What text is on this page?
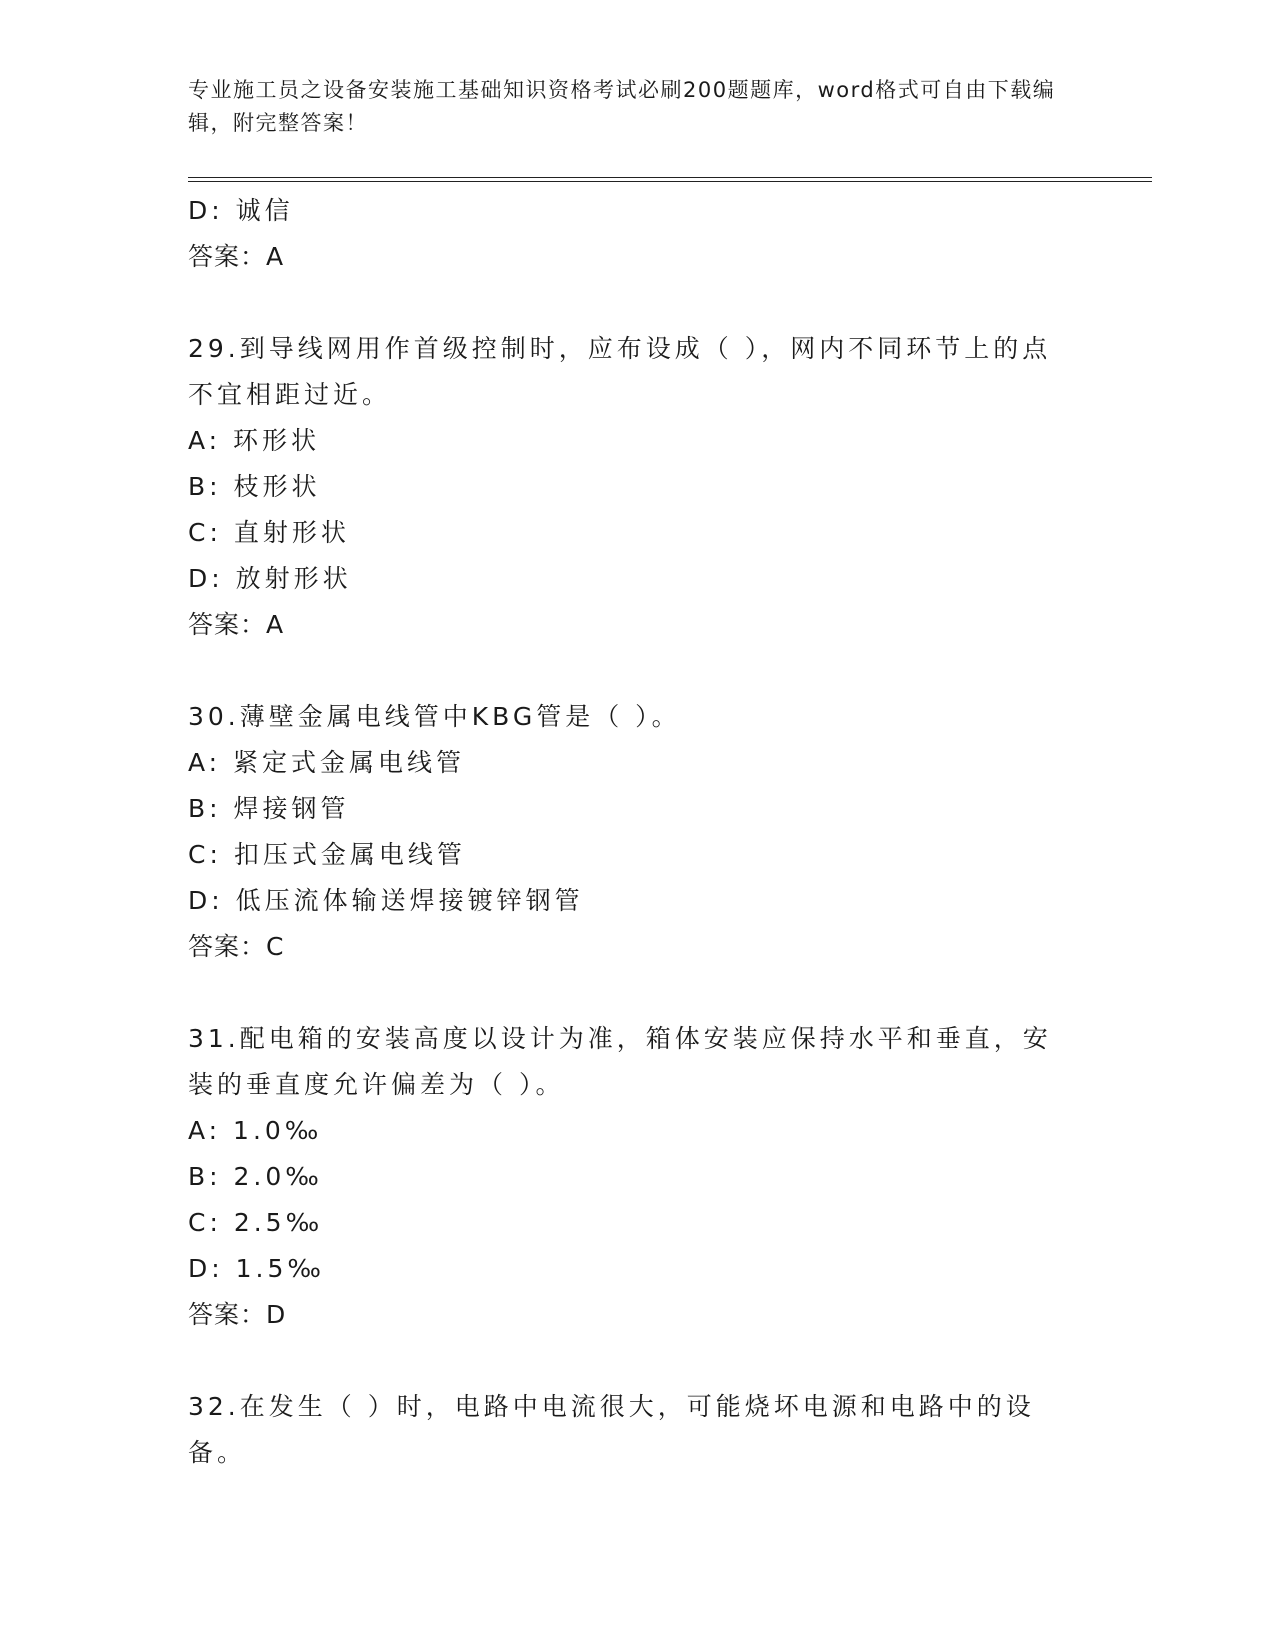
专业施工员之设备安装施工基础知识资格考试必刷200题题库，word格式可自由下载编辑，附完整答案！
D: 诚信
答案：A
29.到导线网用作首级控制时，应布设成（ ），网内不同环节上的点不宜相距过近。
A: 环形状
B: 枝形状
C: 直射形状
D: 放射形状
答案：A
30.薄壁金属电线管中KBG管是（ ）。
A: 紧定式金属电线管
B: 焊接钢管
C: 扣压式金属电线管
D: 低压流体输送焊接镀锌钢管
答案：C
31.配电箱的安装高度以设计为准，箱体安装应保持水平和垂直，安装的垂直度允许偏差为（ ）。
A: 1.0‰
B: 2.0‰
C: 2.5‰
D: 1.5‰
答案：D
32.在发生（ ）时，电路中电流很大，可能烧坏电源和电路中的设备。
